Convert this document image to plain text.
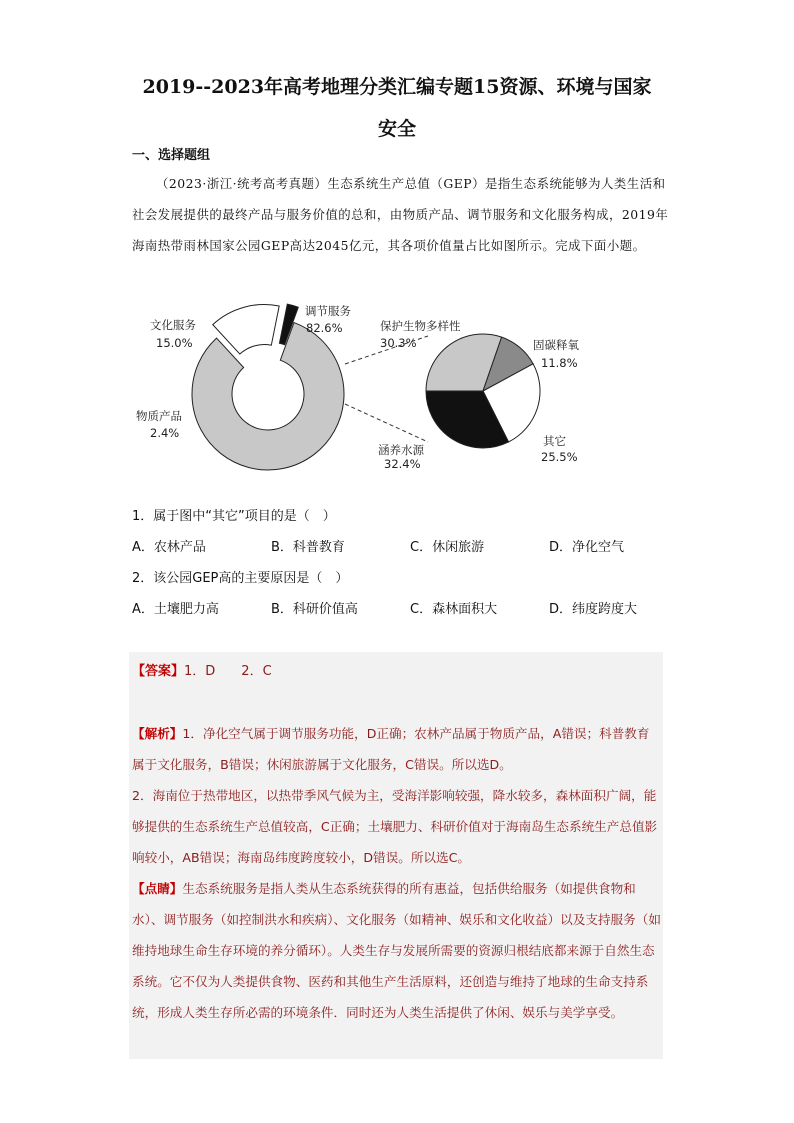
2019--2023年高考地理分类汇编专题15资源、环境与国家
安全
一、选择题组
（2023·浙江·统考高考真题）生态系统生产总值（GEP）是指生态系统能够为人类生活和社会发展提供的最终产品与服务价值的总和，由物质产品、调节服务和文化服务构成，2019年海南热带雨林国家公园GEP高达2045亿元，其各项价值量占比如图所示。完成下面小题。
文化服务
15.0%
调节服务
82.6%
物质产品
2.4%
保护生物多样性
30.3%	固碳释氧
11.8%
其它
25.5%
涵养水源
32.4%
1．属于图中“其它”项目的是（　）
A．农林产品	B．科普教育	C．休闲旅游	D．净化空气
2．该公园GEP高的主要原因是（　）
A．土壤肥力高	B．科研价值高	C．森林面积大	D．纬度跨度大
【答案】1．D　　2．C

【解析】1．净化空气属于调节服务功能，D正确；农林产品属于物质产品，A错误；科普教育属于文化服务，B错误；休闲旅游属于文化服务，C错误。所以选D。

2．海南位于热带地区，以热带季风气候为主，受海洋影响较强，降水较多，森林面积广阔，能够提供的生态系统生产总值较高，C正确；土壤肥力、科研价值对于海南岛生态系统生产总值影响较小，AB错误；海南岛纬度跨度较小，D错误。所以选C。

【点睛】生态系统服务是指人类从生态系统获得的所有惠益，包括供给服务（如提供食物和水）、调节服务（如控制洪水和疾病）、文化服务（如精神、娱乐和文化收益）以及支持服务（如维持地球生命生存环境的养分循环）。人类生存与发展所需要的资源归根结底都来源于自然生态系统。它不仅为人类提供食物、医药和其他生产生活原料，还创造与维持了地球的生命支持系统，形成人类生存所必需的环境条件．同时还为人类生活提供了休闲、娱乐与美学享受。
